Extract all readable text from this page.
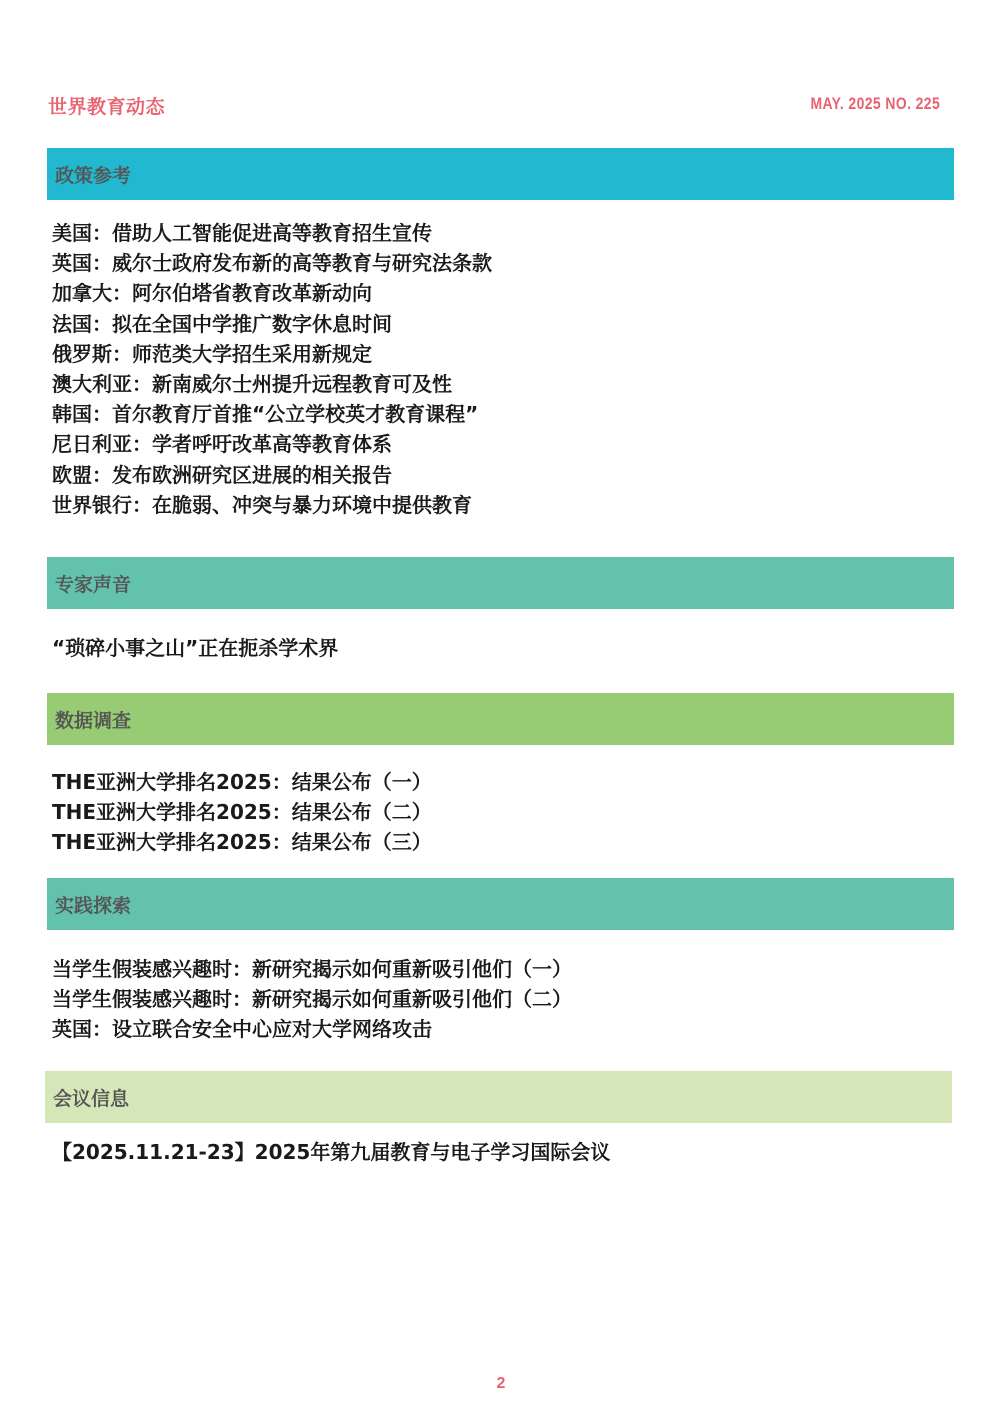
世界教育动态	MAY. 2025 NO. 225
政策参考
美国：借助人工智能促进高等教育招生宣传
英国：威尔士政府发布新的高等教育与研究法条款
加拿大：阿尔伯塔省教育改革新动向
法国：拟在全国中学推广数字休息时间
俄罗斯：师范类大学招生采用新规定
澳大利亚：新南威尔士州提升远程教育可及性
韩国：首尔教育厅首推“公立学校英才教育课程”
尼日利亚：学者呼吁改革高等教育体系
欧盟：发布欧洲研究区进展的相关报告
世界银行：在脆弱、冲突与暴力环境中提供教育
专家声音
“琐碎小事之山”正在扼杀学术界
数据调查
THE亚洲大学排名2025：结果公布（一）
THE亚洲大学排名2025：结果公布（二）
THE亚洲大学排名2025：结果公布（三）
实践探索
当学生假装感兴趣时：新研究揭示如何重新吸引他们（一）
当学生假装感兴趣时：新研究揭示如何重新吸引他们（二）
英国：设立联合安全中心应对大学网络攻击
会议信息
【2025.11.21-23】2025年第九届教育与电子学习国际会议
2
